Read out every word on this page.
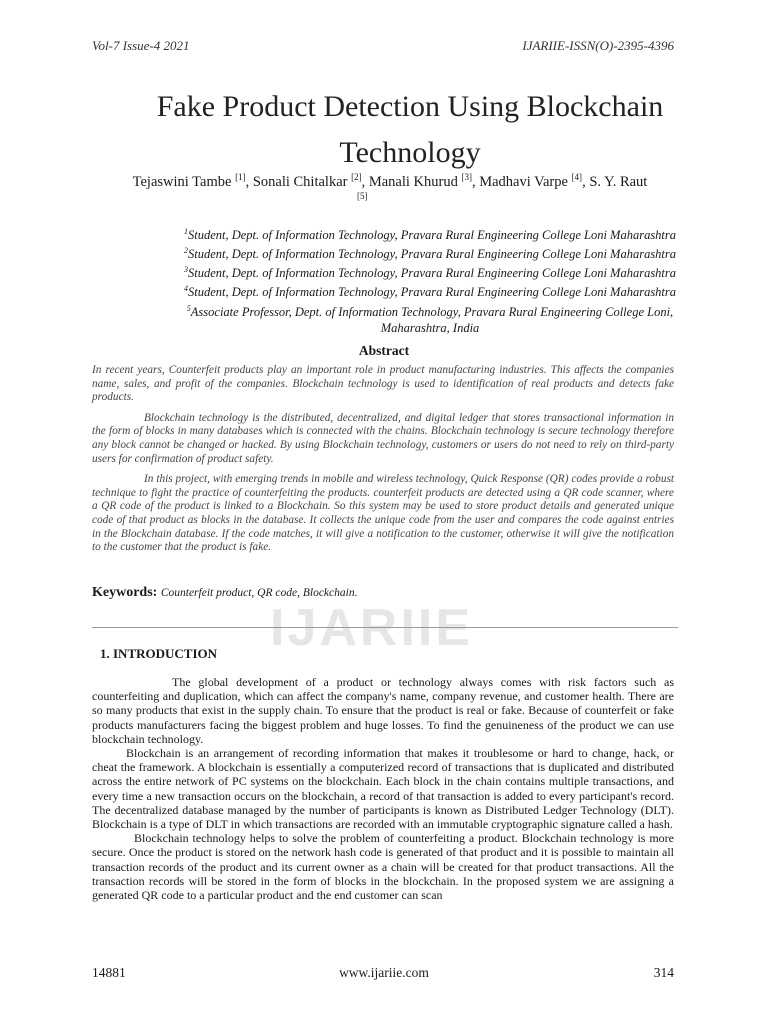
Vol-7 Issue-4 2021	IJARIIE-ISSN(O)-2395-4396
Fake Product Detection Using Blockchain
Technology
Tejaswini Tambe [1], Sonali Chitalkar [2], Manali Khurud [3], Madhavi Varpe [4], S. Y. Raut
[5]
$^1$Student, Dept. of Information Technology, Pravara Rural Engineering College Loni Maharashtra
$^2$Student, Dept. of Information Technology, Pravara Rural Engineering College Loni Maharashtra
$^3$Student, Dept. of Information Technology, Pravara Rural Engineering College Loni Maharashtra
$^4$Student, Dept. of Information Technology, Pravara Rural Engineering College Loni Maharashtra
$^5$Associate Professor, Dept. of Information Technology, Pravara Rural Engineering College Loni,
Maharashtra, India
Abstract

In recent years, Counterfeit products play an important role in product manufacturing industries. This affects the companies name, sales, and profit of the companies. Blockchain technology is used to identification of real products and detects fake products.

Blockchain technology is the distributed, decentralized, and digital ledger that stores transactional information in the form of blocks in many databases which is connected with the chains. Blockchain technology is secure technology therefore any block cannot be changed or hacked. By using Blockchain technology, customers or users do not need to rely on third-party users for confirmation of product safety.

In this project, with emerging trends in mobile and wireless technology, Quick Response (QR) codes provide a robust technique to fight the practice of counterfeiting the products. counterfeit products are detected using a QR code scanner, where a QR code of the product is linked to a Blockchain. So this system may be used to store product details and generated unique code of that product as blocks in the database. It collects the unique code from the user and compares the code against entries in the Blockchain database. If the code matches, it will give a notification to the customer, otherwise it will give the notification to the customer that the product is fake.

IJARIIE
Keywords: Counterfeit product, QR code, Blockchain.
1. INTRODUCTION

The global development of a product or technology always comes with risk factors such as counterfeiting and duplication, which can affect the company's name, company revenue, and customer health. There are so many products that exist in the supply chain. To ensure that the product is real or fake. Because of counterfeit or fake products manufacturers facing the biggest problem and huge losses. To find the genuineness of the product we can use blockchain technology.

Blockchain is an arrangement of recording information that makes it troublesome or hard to change, hack, or cheat the framework. A blockchain is essentially a computerized record of transactions that is duplicated and distributed across the entire network of PC systems on the blockchain. Each block in the chain contains multiple transactions, and every time a new transaction occurs on the blockchain, a record of that transaction is added to every participant's record. The decentralized database managed by the number of participants is known as Distributed Ledger Technology (DLT). Blockchain is a type of DLT in which transactions are recorded with an immutable cryptographic signature called a hash.

Blockchain technology helps to solve the problem of counterfeiting a product. Blockchain technology is more secure. Once the product is stored on the network hash code is generated of that product and it is possible to maintain all transaction records of the product and its current owner as a chain will be created for that product transactions. All the transaction records will be stored in the form of blocks in the blockchain. In the proposed system we are assigning a generated QR code to a particular product and the end customer can scan

14881	www.ijariie.com	314
